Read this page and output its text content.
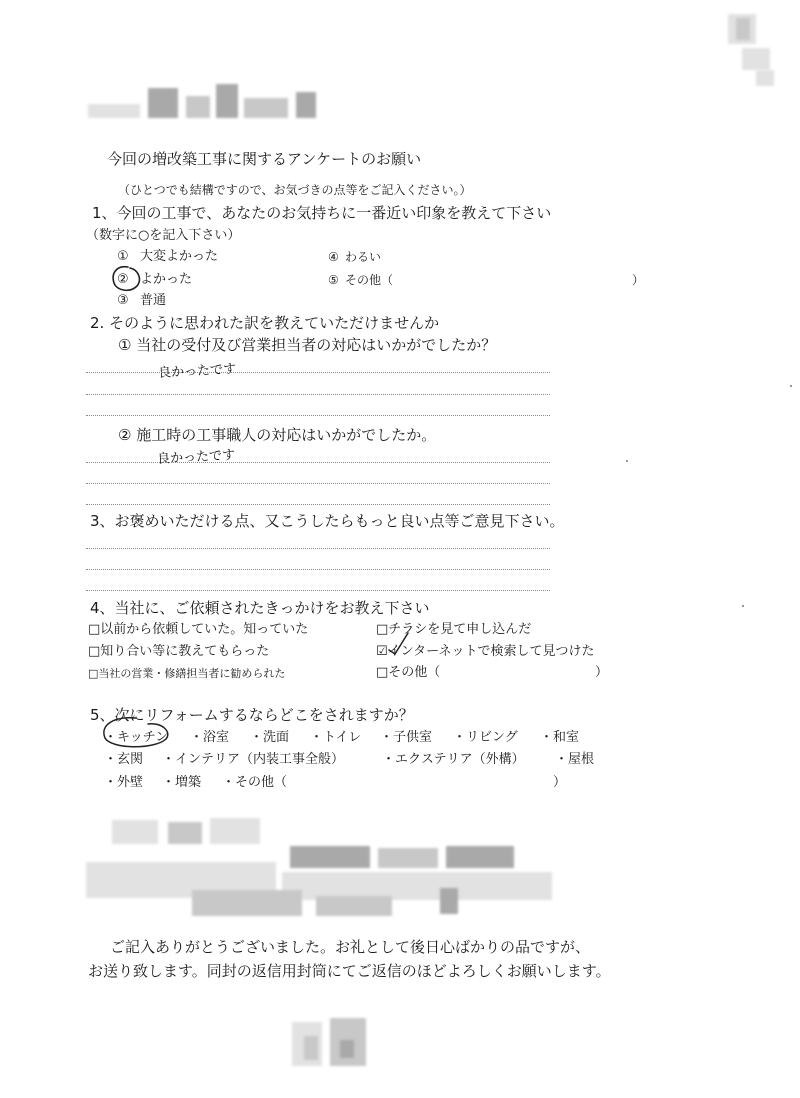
今回の増改築工事に関するアンケートのお願い
（ひとつでも結構ですので、お気づきの点等をご記入ください。）
1、今回の工事で、あなたのお気持ちに一番近い印象を教えて下さい
（数字に○を記入下さい）
① 大変よかった
② よかった
③ 普通
④ わるい
⑤ その他（	）
2. そのように思われた訳を教えていただけませんか
① 当社の受付及び営業担当者の対応はいかがでしたか？
良かったです
② 施工時の工事職人の対応はいかがでしたか。
良かったです
3、お褒めいただける点、又こうしたらもっと良い点等ご意見下さい。
4、当社に、ご依頼されたきっかけをお教え下さい
□以前から依頼していた。知っていた	□チラシを見て申し込んだ
□知り合い等に教えてもらった	☑インターネットで検索して見つけた
□当社の営業・修繕担当者に勧められた	□その他（	）
5、次にリフォームするならどこをされますか？
・キッチン ・浴室 ・洗面 ・トイレ ・子供室 ・リビング ・和室
・玄関 ・インテリア（内装工事全般）	・エクステリア（外構） ・屋根
・外壁 ・増築 ・その他（	）
ご記入ありがとうございました。お礼として後日心ばかりの品ですが、
お送り致します。同封の返信用封筒にてご返信のほどよろしくお願いします。
